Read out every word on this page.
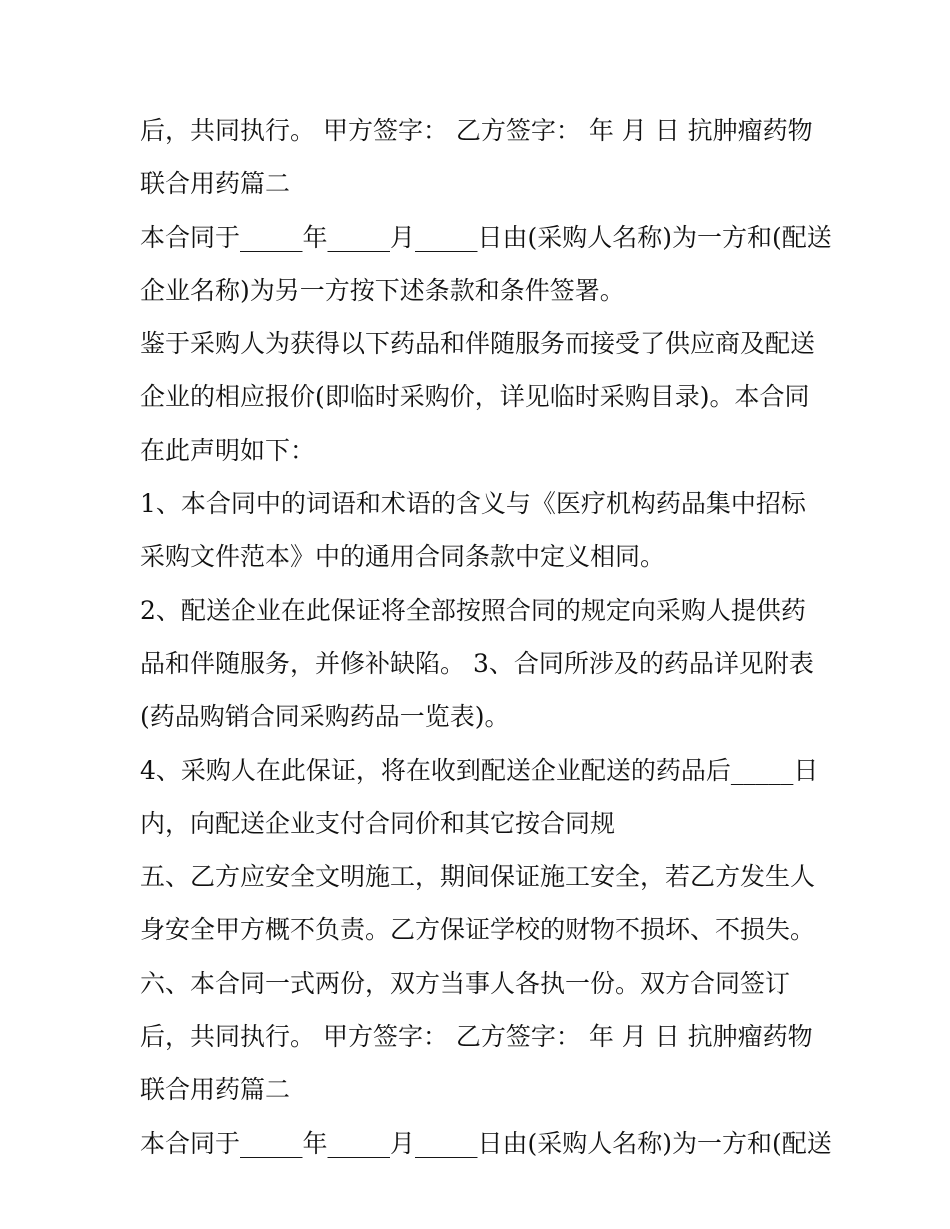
后，共同执行。 甲方签字： 乙方签字： 年 月 日 抗肿瘤药物
联合用药篇二
本合同于_____年_____月_____日由(采购人名称)为一方和(配送
企业名称)为另一方按下述条款和条件签署。
鉴于采购人为获得以下药品和伴随服务而接受了供应商及配送
企业的相应报价(即临时采购价，详见临时采购目录)。本合同
在此声明如下：
1、本合同中的词语和术语的含义与《医疗机构药品集中招标
采购文件范本》中的通用合同条款中定义相同。
2、配送企业在此保证将全部按照合同的规定向采购人提供药
品和伴随服务，并修补缺陷。 3、合同所涉及的药品详见附表
(药品购销合同采购药品一览表)。
4、采购人在此保证，将在收到配送企业配送的药品后_____日
内，向配送企业支付合同价和其它按合同规
五、乙方应安全文明施工，期间保证施工安全，若乙方发生人
身安全甲方概不负责。乙方保证学校的财物不损坏、不损失。
六、本合同一式两份，双方当事人各执一份。双方合同签订
后，共同执行。 甲方签字： 乙方签字： 年 月 日 抗肿瘤药物
联合用药篇二
本合同于_____年_____月_____日由(采购人名称)为一方和(配送
